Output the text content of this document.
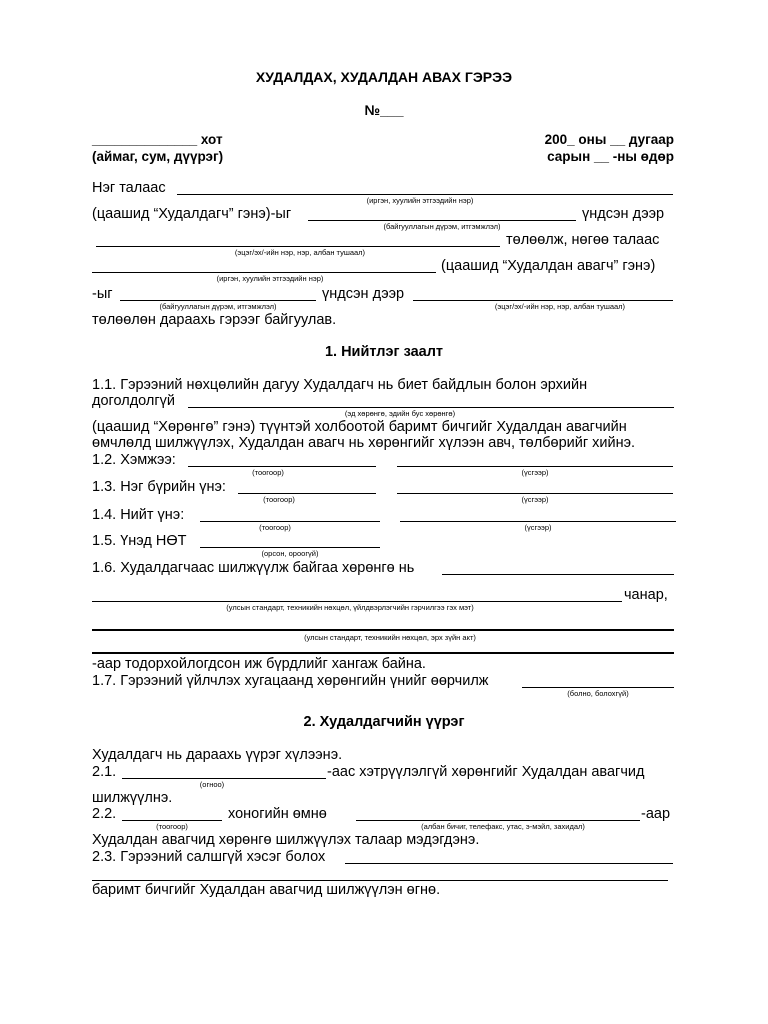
ХУДАЛДАХ, ХУДАЛДАН АВАХ ГЭРЭЭ
№___
______________ хот
(аймаг, сум, дүүрэг)
200_ оны __ дугаар
сарын __ -ны өдөр
Нэг талаас
(иргэн, хуулийн этгээдийн нэр)
(цаашид “Худалдагч” гэнэ)-ыг	үндсэн дээр
(байгууллагын дүрэм, итгэмжлэл)
төлөөлж, нөгөө талаас
(эцэг/эх/-ийн нэр, нэр, албан тушаал)
(цаашид “Худалдан авагч” гэнэ)
(иргэн, хуулийн этгээдийн нэр)
-ыг	үндсэн дээр
(байгууллагын дүрэм, итгэмжлэл)	(эцэг/эх/-ийн нэр, нэр, албан тушаал)
төлөөлөн дараахь гэрээг байгуулав.
1. Нийтлэг заалт
1.1. Гэрээний нөхцөлийн дагуу Худалдагч нь биет байдлын болон эрхийн
доголдолгүй
(эд хөрөнгө, эдийн бус хөрөнгө)
(цаашид “Хөрөнгө” гэнэ) түүнтэй холбоотой баримт бичгийг Худалдан авагчийн
өмчлөлд шилжүүлэх, Худалдан авагч нь хөрөнгийг хүлээн авч, төлбөрийг хийнэ.
1.2. Хэмжээ:
(тоогоор)	(үсгээр)
1.3. Нэг бүрийн үнэ:
(тоогоор)	(үсгээр)
1.4. Нийт үнэ:
(тоогоор)	(үсгээр)
1.5. Үнэд НӨТ
(орсон, ороогүй)
1.6. Худалдагчаас шилжүүлж байгаа хөрөнгө нь
чанар,
(улсын стандарт, техникийн нөхцөл, үйлдвэрлэгчийн гэрчилгээ гэх мэт)
(улсын стандарт, техникийн нөхцөл, эрх зүйн акт)
-аар тодорхойлогдсон иж бүрдлийг хангаж байна.
1.7. Гэрээний үйлчлэх хугацаанд хөрөнгийн үнийг өөрчилж
(болно, болохгүй)
2. Худалдагчийн үүрэг
Худалдагч нь дараахь үүрэг хүлээнэ.
2.1.	-аас хэтрүүлэлгүй хөрөнгийг Худалдан авагчид
(огноо)
шилжүүлнэ.
2.2.	хоногийн өмнө	-аар
(тоогоор)	(албан бичиг, телефакс, утас, э-мэйл, захидал)
Худалдан авагчид хөрөнгө шилжүүлэх талаар мэдэгдэнэ.
2.3. Гэрээний салшгүй хэсэг болох
баримт бичгийг Худалдан авагчид шилжүүлэн өгнө.
